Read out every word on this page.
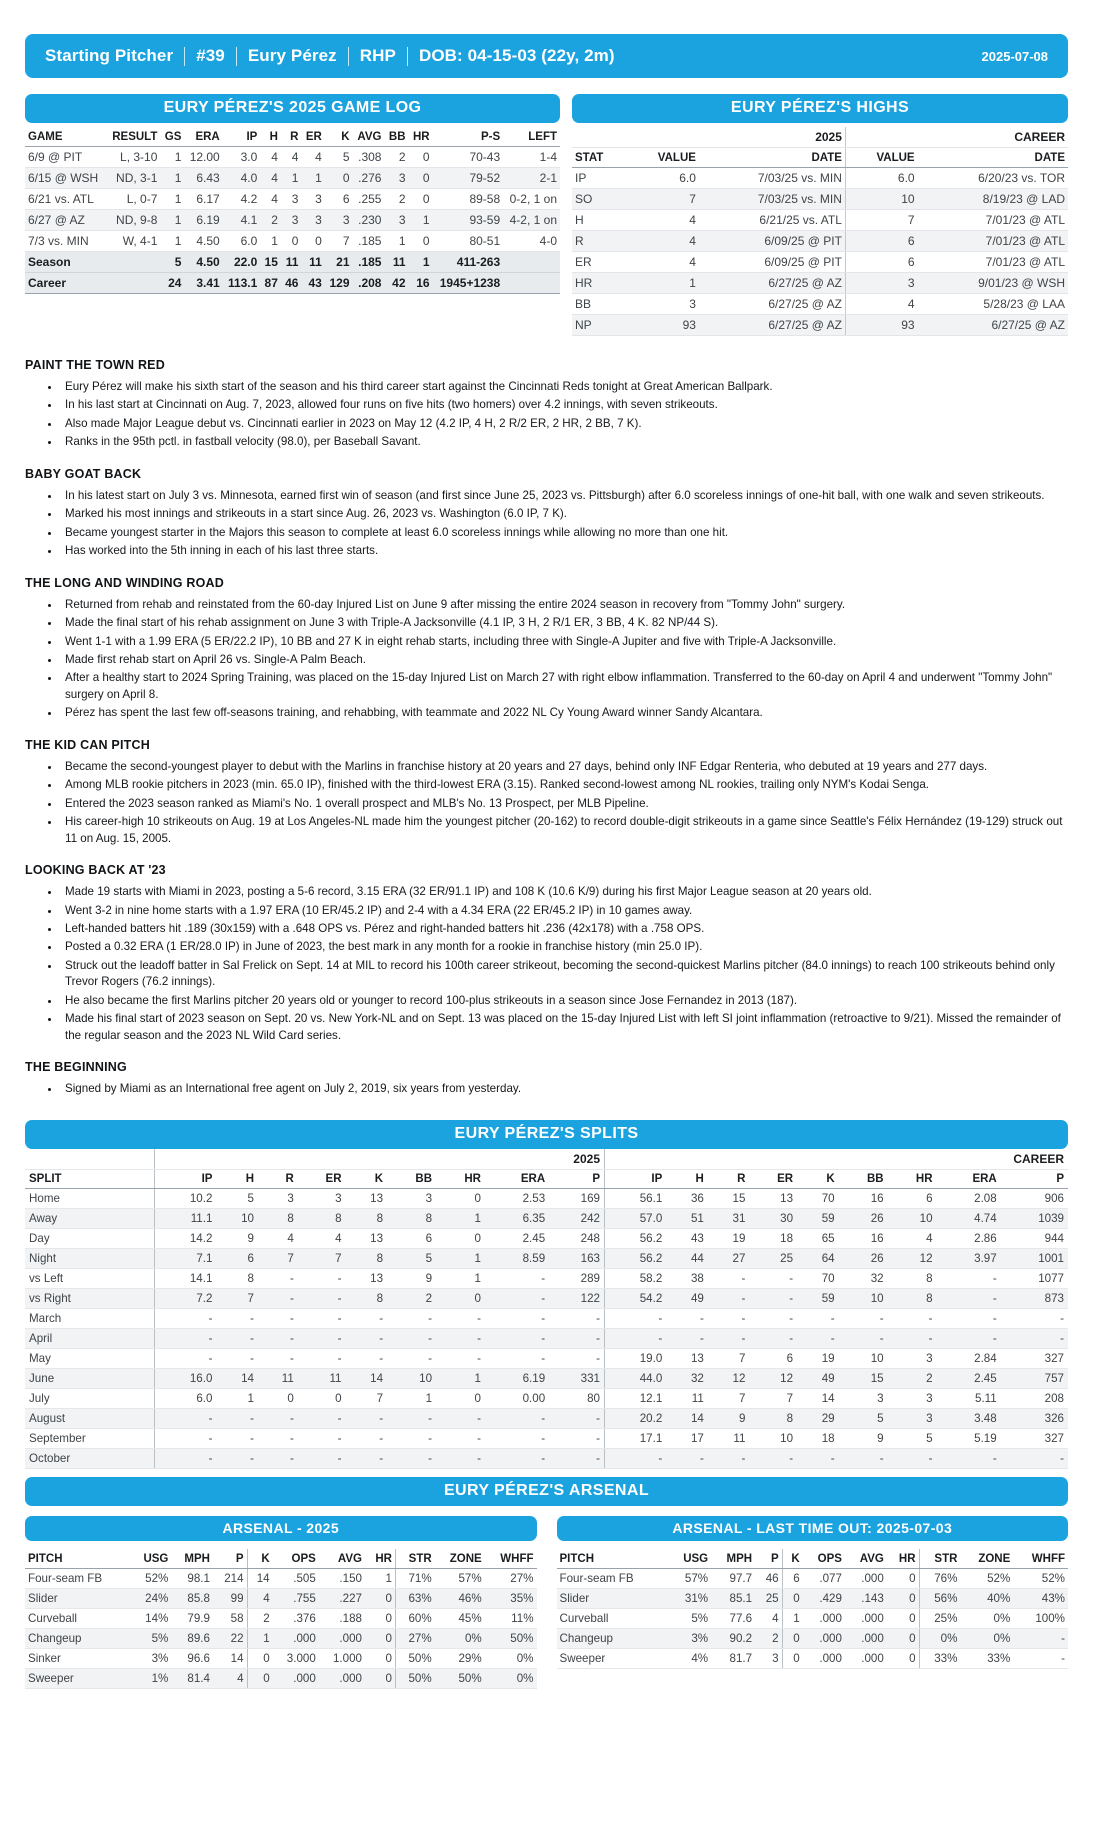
Starting Pitcher	#39	Eury Pérez	RHP	DOB: 04-15-03 (22y, 2m)	2025-07-08
EURY PÉREZ'S 2025 GAME LOG
GAME	RESULT	GS	ERA	IP	H	R	ER	K	AVG	BB	HR	P-S	LEFT
6/9 @ PIT	L, 3-10	1	12.00	3.0	4	4	4	5	.308	2	0	70-43	1-4
6/15 @ WSH	ND, 3-1	1	6.43	4.0	4	1	1	0	.276	3	0	79-52	2-1
6/21 vs. ATL	L, 0-7	1	6.17	4.2	4	3	3	6	.255	2	0	89-58	0-2, 1 on
6/27 @ AZ	ND, 9-8	1	6.19	4.1	2	3	3	3	.230	3	1	93-59	4-2, 1 on
7/3 vs. MIN	W, 4-1	1	4.50	6.0	1	0	0	7	.185	1	0	80-51	4-0
Season		5	4.50	22.0	15	11	11	21	.185	11	1	411-263	
Career		24	3.41	113.1	87	46	43	129	.208	42	16	1945+1238	
EURY PÉREZ'S HIGHS
	2025		CAREER	
STAT	VALUE	DATE	VALUE	DATE
IP	6.0	7/03/25 vs. MIN	6.0	6/20/23 vs. TOR
SO	7	7/03/25 vs. MIN	10	8/19/23 @ LAD
H	4	6/21/25 vs. ATL	7	7/01/23 @ ATL
R	4	6/09/25 @ PIT	6	7/01/23 @ ATL
ER	4	6/09/25 @ PIT	6	7/01/23 @ ATL
HR	1	6/27/25 @ AZ	3	9/01/23 @ WSH
BB	3	6/27/25 @ AZ	4	5/28/23 @ LAA
NP	93	6/27/25 @ AZ	93	6/27/25 @ AZ
PAINT THE TOWN RED
• Eury Pérez will make his sixth start of the season and his third career start against the Cincinnati Reds tonight at Great American Ballpark.
• In his last start at Cincinnati on Aug. 7, 2023, allowed four runs on five hits (two homers) over 4.2 innings, with seven strikeouts.
• Also made Major League debut vs. Cincinnati earlier in 2023 on May 12 (4.2 IP, 4 H, 2 R/2 ER, 2 HR, 2 BB, 7 K).
• Ranks in the 95th pctl. in fastball velocity (98.0), per Baseball Savant.
BABY GOAT BACK
• In his latest start on July 3 vs. Minnesota, earned first win of season (and first since June 25, 2023 vs. Pittsburgh) after 6.0 scoreless innings of one-hit ball, with one walk and seven strikeouts.
• Marked his most innings and strikeouts in a start since Aug. 26, 2023 vs. Washington (6.0 IP, 7 K).
• Became youngest starter in the Majors this season to complete at least 6.0 scoreless innings while allowing no more than one hit.
• Has worked into the 5th inning in each of his last three starts.
THE LONG AND WINDING ROAD
• Returned from rehab and reinstated from the 60-day Injured List on June 9 after missing the entire 2024 season in recovery from "Tommy John" surgery.
• Made the final start of his rehab assignment on June 3 with Triple-A Jacksonville (4.1 IP, 3 H, 2 R/1 ER, 3 BB, 4 K. 82 NP/44 S).
• Went 1-1 with a 1.99 ERA (5 ER/22.2 IP), 10 BB and 27 K in eight rehab starts, including three with Single-A Jupiter and five with Triple-A Jacksonville.
• Made first rehab start on April 26 vs. Single-A Palm Beach.
• After a healthy start to 2024 Spring Training, was placed on the 15-day Injured List on March 27 with right elbow inflammation. Transferred to the 60-day on April 4 and underwent "Tommy John" surgery on April 8.
• Pérez has spent the last few off-seasons training, and rehabbing, with teammate and 2022 NL Cy Young Award winner Sandy Alcantara.
THE KID CAN PITCH
• Became the second-youngest player to debut with the Marlins in franchise history at 20 years and 27 days, behind only INF Edgar Renteria, who debuted at 19 years and 277 days.
• Among MLB rookie pitchers in 2023 (min. 65.0 IP), finished with the third-lowest ERA (3.15). Ranked second-lowest among NL rookies, trailing only NYM's Kodai Senga.
• Entered the 2023 season ranked as Miami's No. 1 overall prospect and MLB's No. 13 Prospect, per MLB Pipeline.
• His career-high 10 strikeouts on Aug. 19 at Los Angeles-NL made him the youngest pitcher (20-162) to record double-digit strikeouts in a game since Seattle's Félix Hernández (19-129) struck out 11 on Aug. 15, 2005.
LOOKING BACK AT '23
• Made 19 starts with Miami in 2023, posting a 5-6 record, 3.15 ERA (32 ER/91.1 IP) and 108 K (10.6 K/9) during his first Major League season at 20 years old.
• Went 3-2 in nine home starts with a 1.97 ERA (10 ER/45.2 IP) and 2-4 with a 4.34 ERA (22 ER/45.2 IP) in 10 games away.
• Left-handed batters hit .189 (30x159) with a .648 OPS vs. Pérez and right-handed batters hit .236 (42x178) with a .758 OPS.
• Posted a 0.32 ERA (1 ER/28.0 IP) in June of 2023, the best mark in any month for a rookie in franchise history (min 25.0 IP).
• Struck out the leadoff batter in Sal Frelick on Sept. 14 at MIL to record his 100th career strikeout, becoming the second-quickest Marlins pitcher (84.0 innings) to reach 100 strikeouts behind only Trevor Rogers (76.2 innings).
• He also became the first Marlins pitcher 20 years old or younger to record 100-plus strikeouts in a season since Jose Fernandez in 2013 (187).
• Made his final start of 2023 season on Sept. 20 vs. New York-NL and on Sept. 13 was placed on the 15-day Injured List with left SI joint inflammation (retroactive to 9/21). Missed the remainder of the regular season and the 2023 NL Wild Card series.
THE BEGINNING
• Signed by Miami as an International free agent on July 2, 2019, six years from yesterday.
EURY PÉREZ'S SPLITS
	2025									CAREER								
SPLIT	IP	H	R	ER	K	BB	HR	ERA	P	IP	H	R	ER	K	BB	HR	ERA	P
Home	10.2	5	3	3	13	3	0	2.53	169	56.1	36	15	13	70	16	6	2.08	906
Away	11.1	10	8	8	8	8	1	6.35	242	57.0	51	31	30	59	26	10	4.74	1039
Day	14.2	9	4	4	13	6	0	2.45	248	56.2	43	19	18	65	16	4	2.86	944
Night	7.1	6	7	7	8	5	1	8.59	163	56.2	44	27	25	64	26	12	3.97	1001
vs Left	14.1	8	-	-	13	9	1	-	289	58.2	38	-	-	70	32	8	-	1077
vs Right	7.2	7	-	-	8	2	0	-	122	54.2	49	-	-	59	10	8	-	873
March	-	-	-	-	-	-	-	-	-	-	-	-	-	-	-	-	-	-
April	-	-	-	-	-	-	-	-	-	-	-	-	-	-	-	-	-	-
May	-	-	-	-	-	-	-	-	-	19.0	13	7	6	19	10	3	2.84	327
June	16.0	14	11	11	14	10	1	6.19	331	44.0	32	12	12	49	15	2	2.45	757
July	6.0	1	0	0	7	1	0	0.00	80	12.1	11	7	7	14	3	3	5.11	208
August	-	-	-	-	-	-	-	-	-	20.2	14	9	8	29	5	3	3.48	326
September	-	-	-	-	-	-	-	-	-	17.1	17	11	10	18	9	5	5.19	327
October	-	-	-	-	-	-	-	-	-	-	-	-	-	-	-	-	-	-
EURY PÉREZ'S ARSENAL
ARSENAL - 2025
PITCH	USG	MPH	P	K	OPS	AVG	HR	STR	ZONE	WHFF
Four-seam FB	52%	98.1	214	14	.505	.150	1	71%	57%	27%
Slider	24%	85.8	99	4	.755	.227	0	63%	46%	35%
Curveball	14%	79.9	58	2	.376	.188	0	60%	45%	11%
Changeup	5%	89.6	22	1	.000	.000	0	27%	0%	50%
Sinker	3%	96.6	14	0	3.000	1.000	0	50%	29%	0%
Sweeper	1%	81.4	4	0	.000	.000	0	50%	50%	0%
ARSENAL - LAST TIME OUT: 2025-07-03
PITCH	USG	MPH	P	K	OPS	AVG	HR	STR	ZONE	WHFF
Four-seam FB	57%	97.7	46	6	.077	.000	0	76%	52%	52%
Slider	31%	85.1	25	0	.429	.143	0	56%	40%	43%
Curveball	5%	77.6	4	1	.000	.000	0	25%	0%	100%
Changeup	3%	90.2	2	0	.000	.000	0	0%	0%	-
Sweeper	4%	81.7	3	0	.000	.000	0	33%	33%	-
